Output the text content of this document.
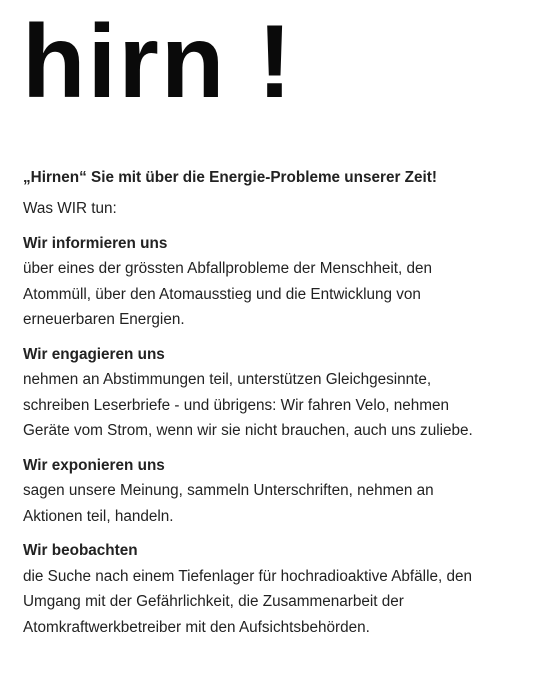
hirn !

„Hirnen“ Sie mit über die Energie-Probleme unserer Zeit!

Was WIR tun:

Wir informieren uns
über eines der grössten Abfallprobleme der Menschheit, den
Atommüll, über den Atomausstieg und die Entwicklung von
erneuerbaren Energien.
Wir engagieren uns
nehmen an Abstimmungen teil, unterstützen Gleichgesinnte,
schreiben Leserbriefe - und übrigens: Wir fahren Velo, nehmen
Geräte vom Strom, wenn wir sie nicht brauchen, auch uns zuliebe.
Wir exponieren uns
sagen unsere Meinung, sammeln Unterschriften, nehmen an
Aktionen teil, handeln.
Wir beobachten
die Suche nach einem Tiefenlager für hochradioaktive Abfälle, den
Umgang mit der Gefährlichkeit, die Zusammenarbeit der
Atomkraftwerkbetreiber mit den Aufsichtsbehörden.
